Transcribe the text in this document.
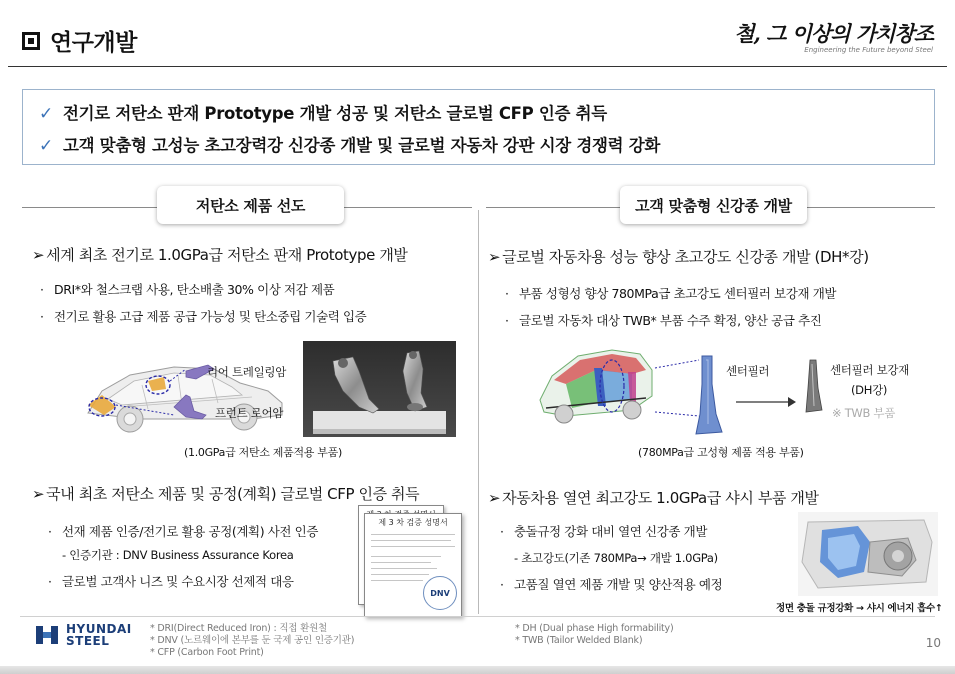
연구개발	철, 그 이상의 가치창조
Engineering the Future beyond Steel
✓ 전기로 저탄소 판재 Prototype 개발 성공 및 저탄소 글로벌 CFP 인증 취득
✓ 고객 맞춤형 고성능 초고장력강 신강종 개발 및 글로벌 자동차 강판 시장 경쟁력 강화
저탄소 제품 선도	고객 맞춤형 신강종 개발
➢ 세계 최초 전기로 1.0GPa급 저탄소 판재 Prototype 개발
· DRI*와 철스크랩 사용, 탄소배출 30% 이상 저감 제품
· 전기로 활용 고급 제품 공급 가능성 및 탄소중립 기술력 입증
리어 트레일링암
프런트 로어암
(1.0GPa급 저탄소 제품적용 부품)
➢ 국내 최초 저탄소 제품 및 공정(계획) 글로벌 CFP 인증 취득
· 선재 제품 인증/전기로 활용 공정(계획) 사전 인증
- 인증기관 : DNV Business Assurance Korea
· 글로벌 고객사 니즈 및 수요시장 선제적 대응
제 3 차 검증 성명서
DNV
➢ 글로벌 자동차용 성능 향상 초고강도 신강종 개발 (DH*강)
· 부품 성형성 향상 780MPa급 초고강도 센터필러 보강재 개발
· 글로벌 자동차 대상 TWB* 부품 수주 확정, 양산 공급 추진
센터필러	센터필러 보강재
(DH강)
※ TWB 부품
(780MPa급 고성형 제품 적용 부품)
➢ 자동차용 열연 최고강도 1.0GPa급 샤시 부품 개발
· 충돌규정 강화 대비 열연 신강종 개발
- 초고강도(기존 780MPa→ 개발 1.0GPa)
· 고품질 열연 제품 개발 및 양산적용 예정
정면 충돌 규정강화 → 샤시 에너지 흡수↑
HYUNDAI
STEEL
* DRI(Direct Reduced Iron) : 직접 환원철
* DNV (노르웨이에 본부를 둔 국제 공인 인증기관)
* CFP (Carbon Foot Print)
* DH (Dual phase High formability)
* TWB (Tailor Welded Blank)	10
